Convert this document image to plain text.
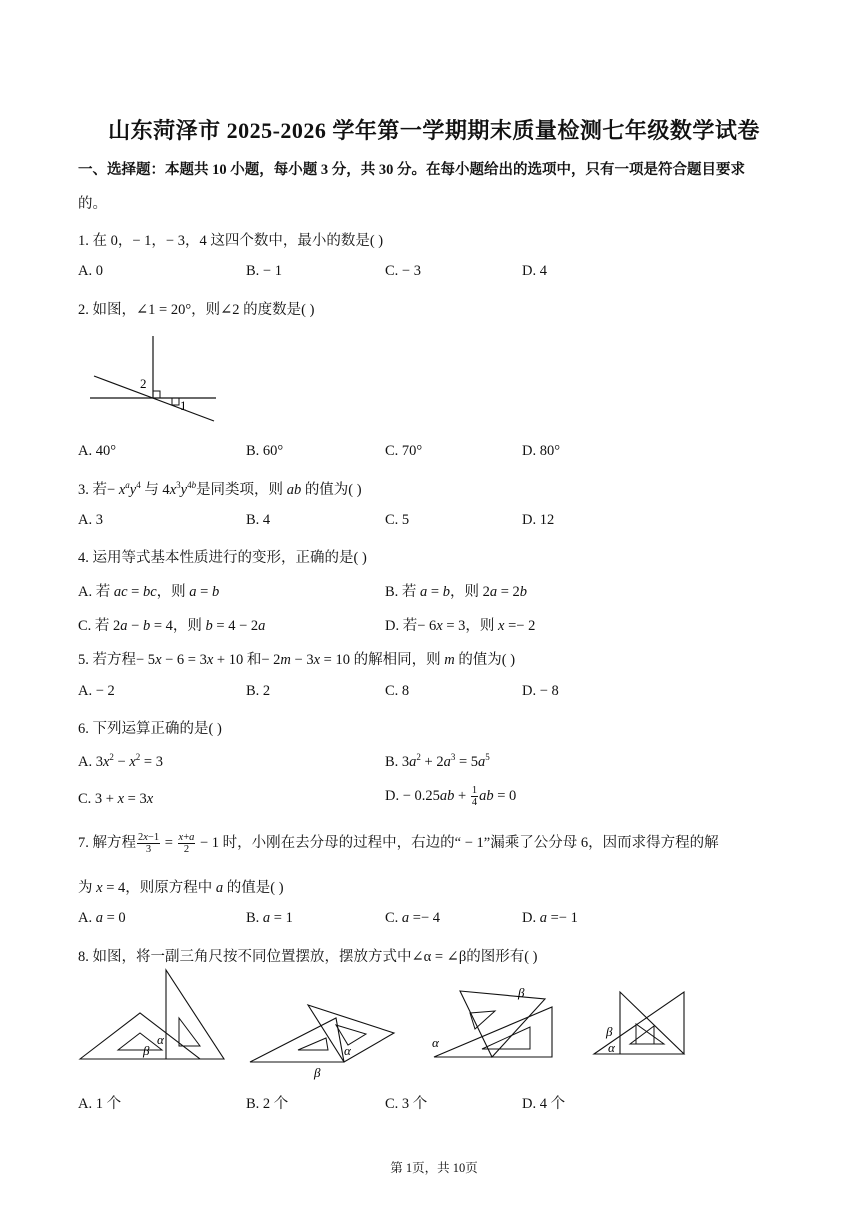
山东菏泽市 2025-2026 学年第一学期期末质量检测七年级数学试卷
一、选择题：本题共 10 小题，每小题 3 分，共 30 分。在每小题给出的选项中，只有一项是符合题目要求
的。
1. 在 0，− 1，− 3，4 这四个数中，最小的数是( )
A. 0	B. − 1	C. − 3	D. 4
2. 如图，∠1 = 20°，则∠2 的度数是( )
2
1
A. 40°	B. 60°	C. 70°	D. 80°
3. 若− $x^ay^4$ 与 $4x^3y^{4b}$是同类项，则 ab 的值为( )
A. 3	B. 4	C. 5	D. 12
4. 运用等式基本性质进行的变形，正确的是( )
A. 若 ac = bc，则 a = b	B. 若 a = b，则 2a = 2b
C. 若 2a − b = 4，则 b = 4 − 2a	D. 若− 6x = 3，则 x =− 2
5. 若方程− 5x − 6 = 3x + 10 和− 2m − 3x = 10 的解相同，则 m 的值为( )
A. − 2	B. 2	C. 8	D. − 8
6. 下列运算正确的是( )
A. $3x^2 - x^2 = 3$	B. $3a^2 + 2a^3 = 5a^5$
C. 3 + x = 3x	D. − $0.25ab + \frac{1}{4}$ ab = 0
7. 解方程 $\frac{2x-1}{3} = \frac{x+a}{2} - 1$ 时，小刚在去分母的过程中，右边的“ − 1”漏乘了公分母 6，因而求得方程的解
为 x = 4，则原方程中 a 的值是( )
A. a = 0	B. a = 1	C. a =− 4	D. a =− 1
8. 如图，将一副三角尺按不同位置摆放，摆放方式中∠α = ∠β的图形有( )
β
α
α
β
α
β
β
α
A. 1 个	B. 2 个	C. 3 个	D. 4 个
第 1页，共 10页
